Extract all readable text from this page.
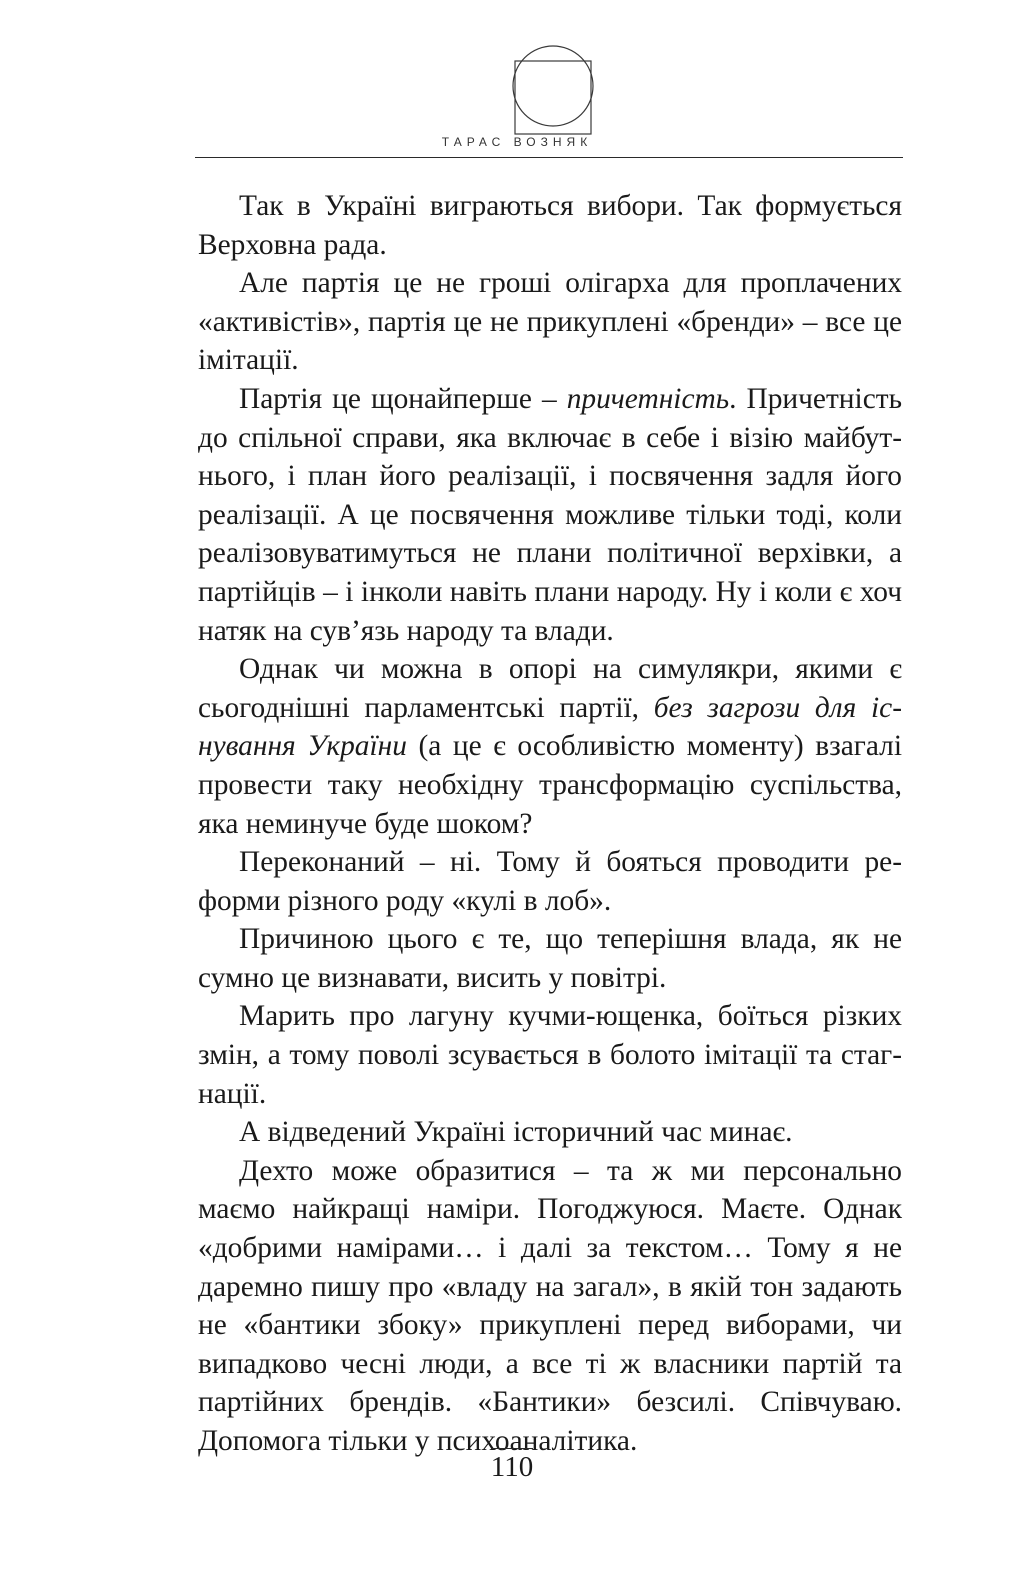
ТАРАС ВОЗНЯК

Так в Україні виграються вибори. Так формується Верховна рада.

Але партія це не гроші олігарха для проплачених «активістів», партія це не прикуплені «бренди» – все це імітації.

Партія це щонайперше – причетність. Причетність до спільної справи, яка включає в себе і візію майбутнього, і план його реалізації, і посвячення задля його реалізації. А це посвячення можливе тільки тоді, коли реалізовуватимуться не плани політичної верхівки, а партійців – і інколи навіть плани народу. Ну і коли є хоч натяк на сув’язь народу та влади.

Однак чи можна в опорі на симулякри, якими є сьогоднішні парламентські партії, без загрози для існування України (а це є особливістю моменту) взагалі провести таку необхідну трансформацію суспільства, яка неминуче буде шоком?

Переконаний – ні. Тому й бояться проводити реформи різного роду «кулі в лоб».

Причиною цього є те, що теперішня влада, як не сумно це визнавати, висить у повітрі.

Марить про лагуну кучми-ющенка, боїться різких змін, а тому поволі зсувається в болото імітації та стагнації.

А відведений Україні історичний час минає.

Дехто може образитися – та ж ми персонально маємо найкращі наміри. Погоджуюся. Маєте. Однак «добрими намірами… і далі за текстом… Тому я не даремно пишу про «владу на загал», в якій тон задають не «бантики збоку» прикуплені перед виборами, чи випадково чесні люди, а все ті ж власники партій та партійних брендів. «Бантики» безсилі. Співчуваю. Допомога тільки у психоаналітика.

110
